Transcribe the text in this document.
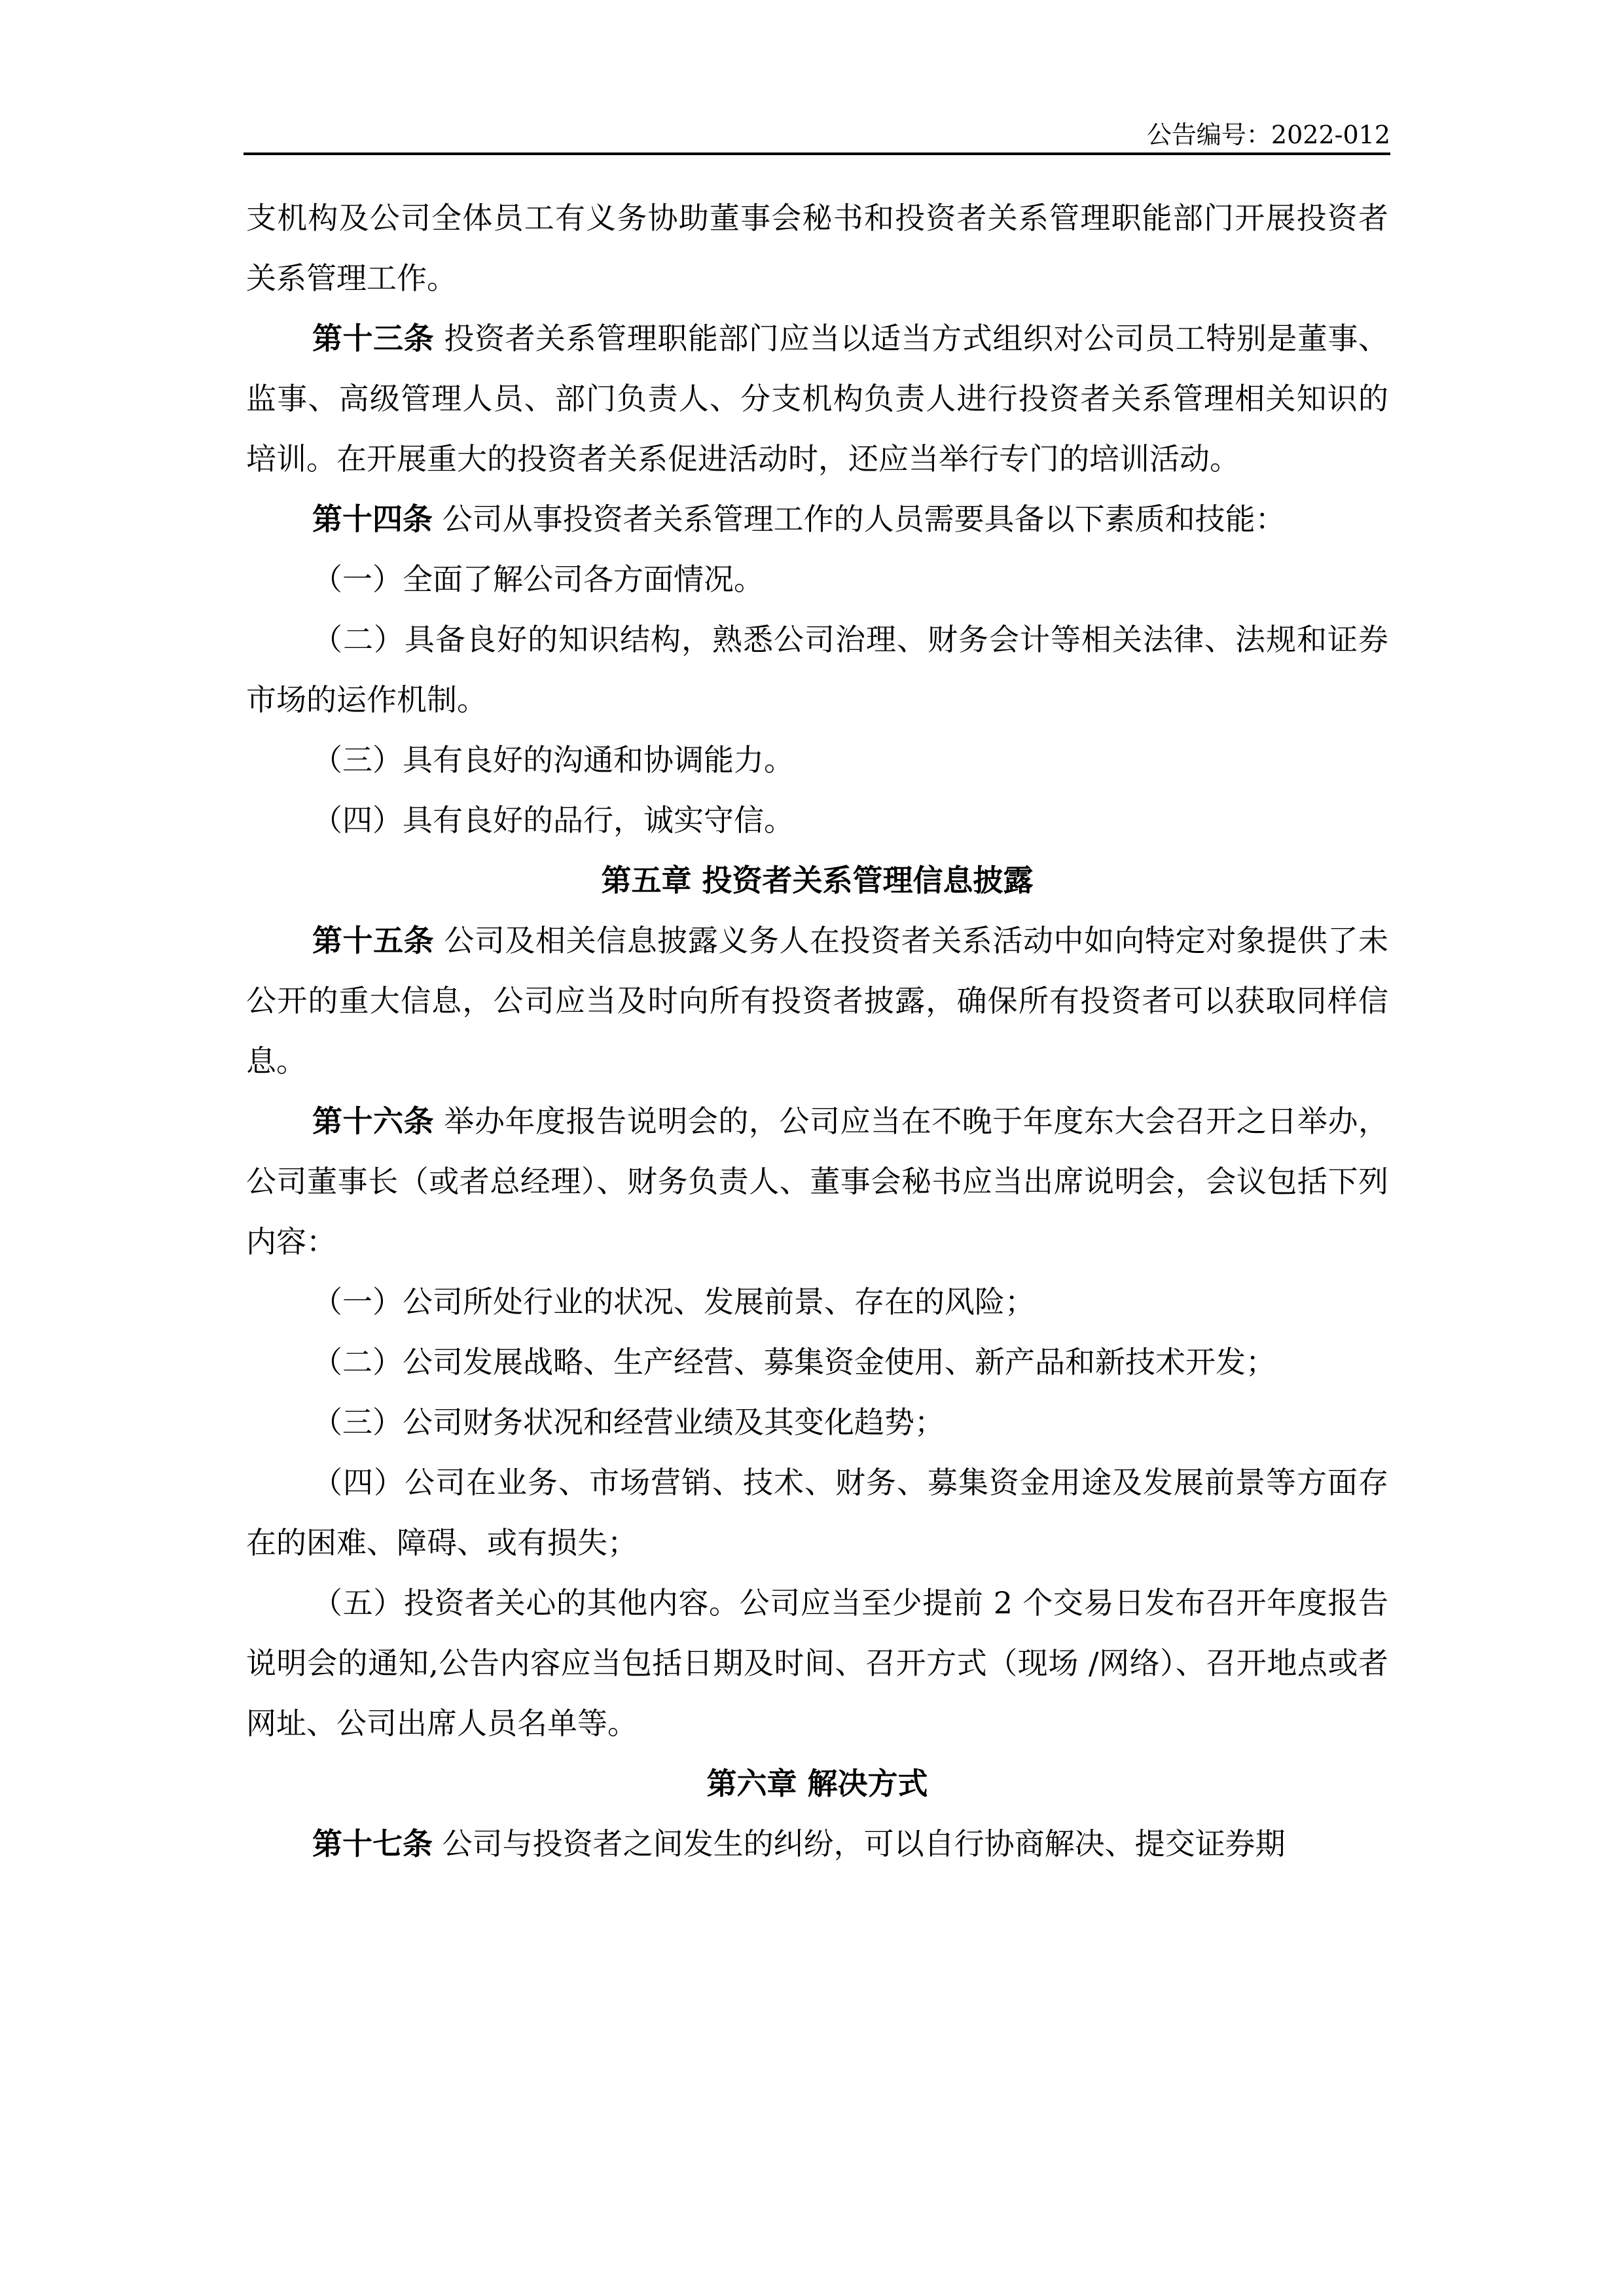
公告编号：2022-012

支机构及公司全体员工有义务协助董事会秘书和投资者关系管理职能部门开展投资者关系管理工作。

第十三条 投资者关系管理职能部门应当以适当方式组织对公司员工特别是董事、监事、高级管理人员、部门负责人、分支机构负责人进行投资者关系管理相关知识的培训。在开展重大的投资者关系促进活动时，还应当举行专门的培训活动。

第十四条 公司从事投资者关系管理工作的人员需要具备以下素质和技能：

（一）全面了解公司各方面情况。

（二）具备良好的知识结构，熟悉公司治理、财务会计等相关法律、法规和证券市场的运作机制。

（三）具有良好的沟通和协调能力。

（四）具有良好的品行，诚实守信。

第五章 投资者关系管理信息披露

第十五条 公司及相关信息披露义务人在投资者关系活动中如向特定对象提供了未公开的重大信息，公司应当及时向所有投资者披露，确保所有投资者可以获取同样信息。

第十六条 举办年度报告说明会的，公司应当在不晚于年度东大会召开之日举办，公司董事长（或者总经理）、财务负责人、董事会秘书应当出席说明会，会议包括下列内容：

（一）公司所处行业的状况、发展前景、存在的风险；

（二）公司发展战略、生产经营、募集资金使用、新产品和新技术开发；

（三）公司财务状况和经营业绩及其变化趋势；

（四）公司在业务、市场营销、技术、财务、募集资金用途及发展前景等方面存在的困难、障碍、或有损失；

（五）投资者关心的其他内容。公司应当至少提前 2 个交易日发布召开年度报告说明会的通知,公告内容应当包括日期及时间、召开方式（现场 /网络）、召开地点或者网址、公司出席人员名单等。

第六章 解决方式

第十七条 公司与投资者之间发生的纠纷，可以自行协商解决、提交证券期
